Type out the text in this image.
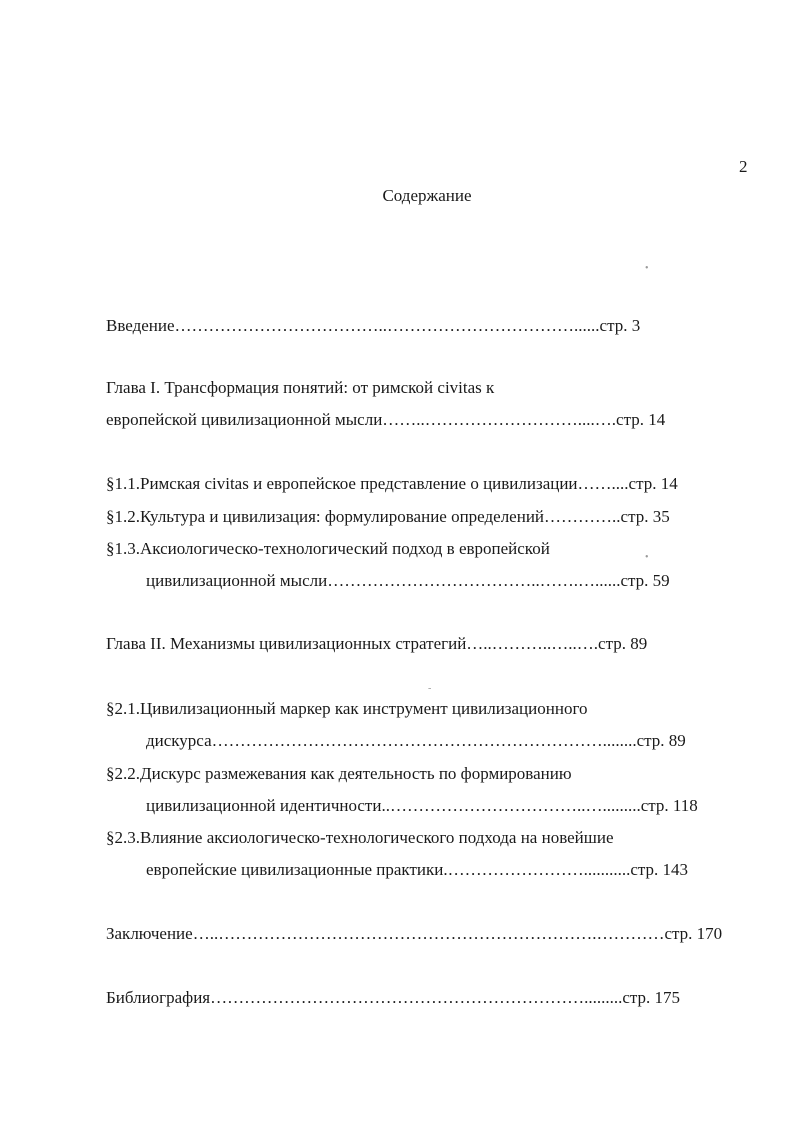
2
Содержание
Введение………………………………..……………………………......стр. 3
Глава I. Трансформация понятий: от римской civitas к
европейской цивилизационной мысли……..………………………....….стр. 14
§1.1.Римская civitas и европейское представление о цивилизации……....стр. 14
§1.2.Культура и цивилизация: формулирование определений…………..стр. 35
§1.3.Аксиологическо-технологический подход в европейской
цивилизационной мысли………………………………..…….…......стр. 59
Глава II. Механизмы цивилизационных стратегий…..………..…..….стр. 89
§2.1.Цивилизационный маркер как инструмент цивилизационного
дискурса……………………………………………………………........стр. 89
§2.2.Дискурс размежевания как деятельность по формированию
цивилизационной идентичности..……………………………..….........стр. 118
§2.3.Влияние аксиологическо-технологического подхода на новейшие
европейские цивилизационные практики.……………………...........стр. 143
Заключение…..………………………………………………………….…………стр. 170
Библиография………………………………………………………….........стр. 175
•
•
-
